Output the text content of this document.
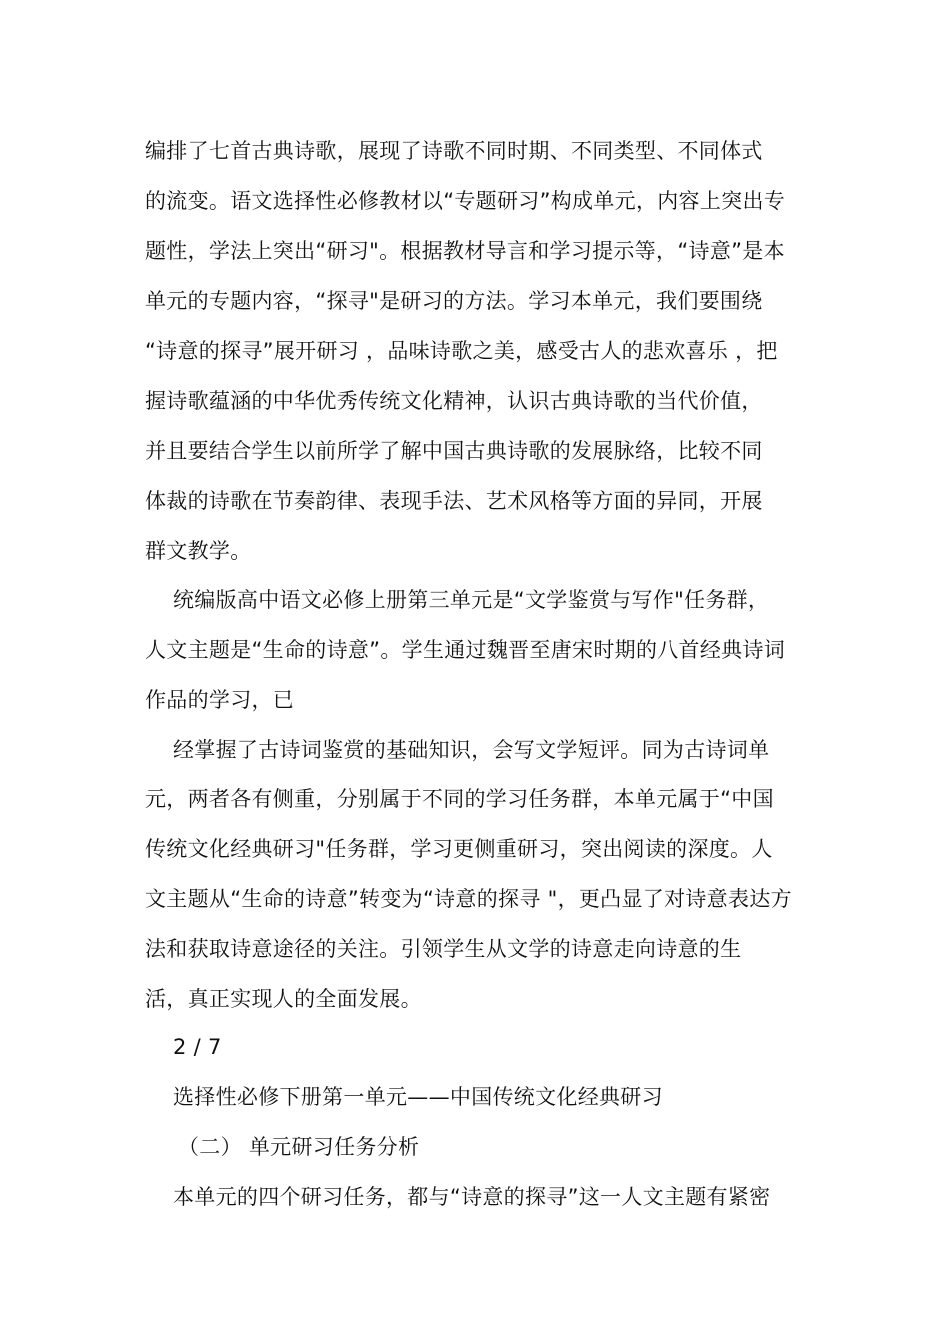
编排了七首古典诗歌，展现了诗歌不同时期、不同类型、不同体式
的流变。语文选择性必修教材以“专题研习”构成单元，内容上突出专
题性，学法上突出“研习"。根据教材导言和学习提示等，“诗意”是本
单元的专题内容，“探寻"是研习的方法。学习本单元，我们要围绕
“诗意的探寻”展开研习 ，品味诗歌之美，感受古人的悲欢喜乐 ，把
握诗歌蕴涵的中华优秀传统文化精神，认识古典诗歌的当代价值，
并且要结合学生以前所学了解中国古典诗歌的发展脉络，比较不同
体裁的诗歌在节奏韵律、表现手法、艺术风格等方面的异同，开展
群文教学。
统编版高中语文必修上册第三单元是“文学鉴赏与写作"任务群，
人文主题是“生命的诗意”。学生通过魏晋至唐宋时期的八首经典诗词
作品的学习，已
经掌握了古诗词鉴赏的基础知识，会写文学短评。同为古诗词单
元，两者各有侧重，分别属于不同的学习任务群，本单元属于“中国
传统文化经典研习"任务群，学习更侧重研习，突出阅读的深度。人
文主题从“生命的诗意”转变为“诗意的探寻 "，更凸显了对诗意表达方
法和获取诗意途径的关注。引领学生从文学的诗意走向诗意的生
活，真正实现人的全面发展。
2 / 7
选择性必修下册第一单元——中国传统文化经典研习
（二） 单元研习任务分析
本单元的四个研习任务，都与“诗意的探寻”这一人文主题有紧密
